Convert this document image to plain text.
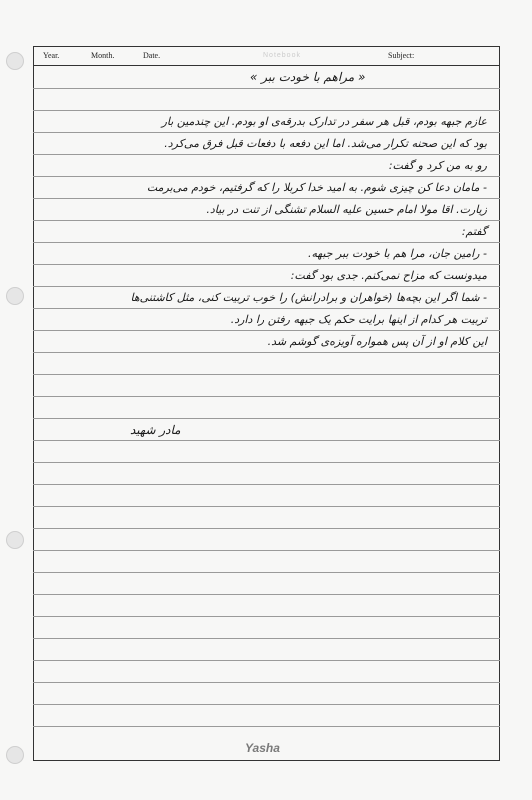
Year.	Month.	Date.	Notebook	Subject:
« مراهم با خودت ببر »
عازم جبهه بودم، قبل هر سفر در تدارک بدرقه‌ی او بودم. این چندمین بار
بود که این صحنه تکرار می‌شد. اما این دفعه با دفعات قبل فرق می‌کرد.
رو به من کرد و گفت:
- مامان دعا کن چیزی شوم. به امید خدا کربلا را که گرفتیم، خودم می‌برمت
زیارت. اقا مولا امام حسین علیه السلام تشنگی از تنت در بیاد.
گفتم:
- رامین جان، مرا هم با خودت ببر جبهه.
میدونست که مزاح نمی‌کنم. جدی بود گفت:
- شما اگر این بچه‌ها (خواهران و برادرانش) را خوب تربیت کنی، مثل کاشتنی‌ها
تربیت هر کدام از اینها برایت حکم یک جبهه رفتن را دارد.
این کلام او از آن پس همواره آویزه‌ی گوشم شد.
مادر شهید
Yasha
